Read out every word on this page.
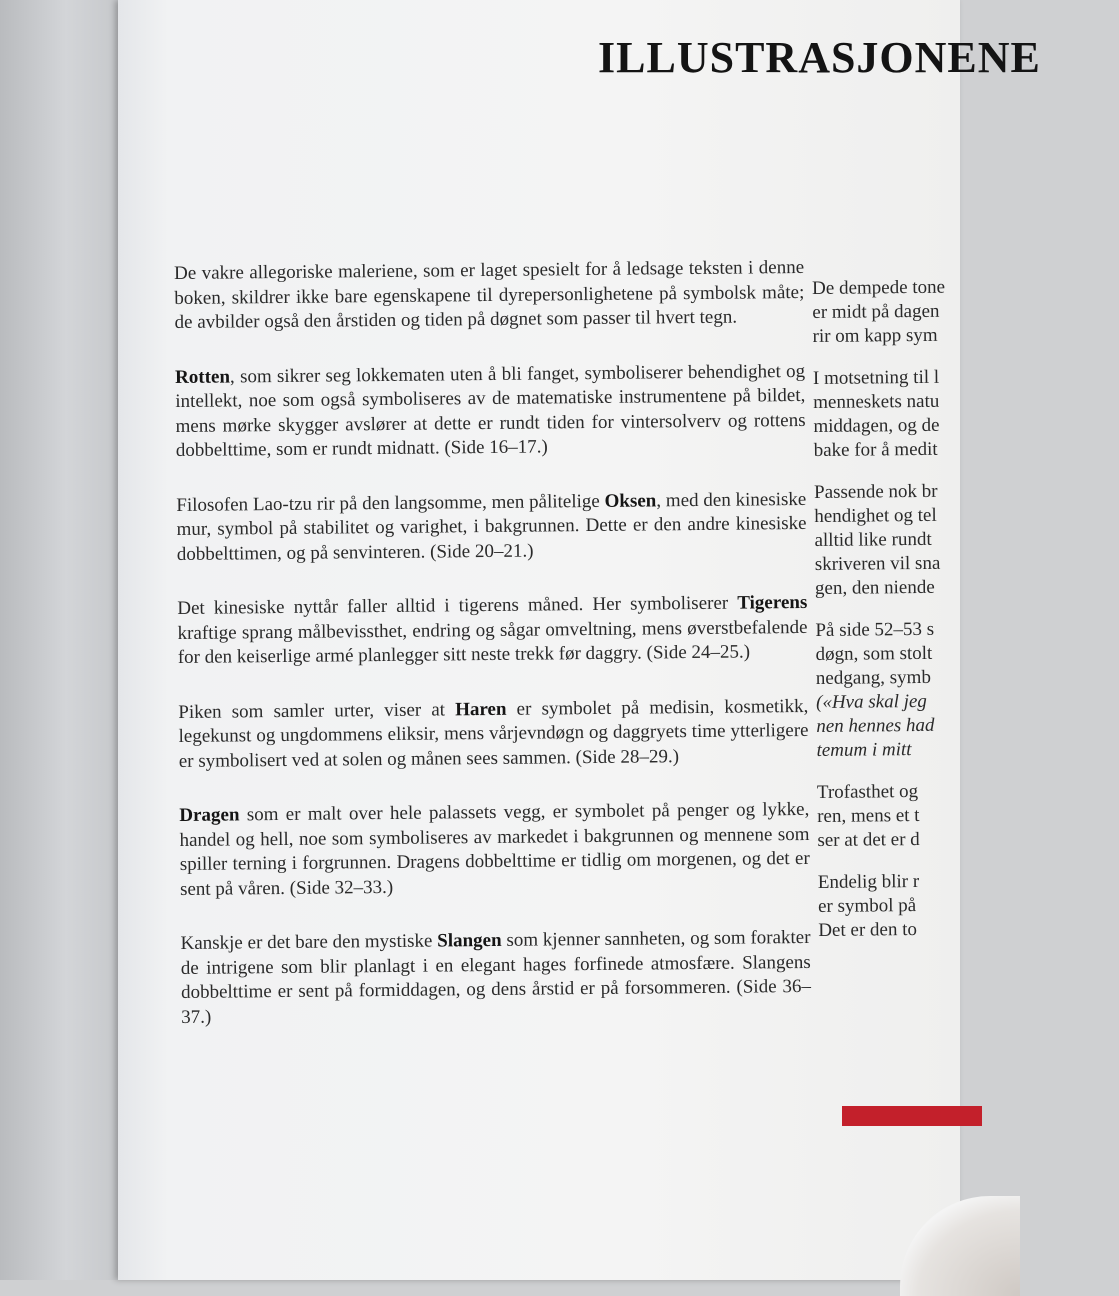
ILLUSTRASJONENE

De vakre allegoriske maleriene, som er laget spesielt for å ledsage teksten i denne boken, skildrer ikke bare egenskapene til dyrepersonlighetene på symbolsk måte; de avbilder også den årstiden og tiden på døgnet som passer til hvert tegn.

Rotten, som sikrer seg lokkematen uten å bli fanget, symboliserer behendighet og intellekt, noe som også symboliseres av de matematiske instrumentene på bildet, mens mørke skygger avslører at dette er rundt tiden for vintersolverv og rottens dobbelttime, som er rundt midnatt. (Side 16–17.)

Filosofen Lao-tzu rir på den langsomme, men pålitelige Oksen, med den kinesiske mur, symbol på stabilitet og varighet, i bakgrunnen. Dette er den andre kinesiske dobbelttimen, og på senvinteren. (Side 20–21.)

Det kinesiske nyttår faller alltid i tigerens måned. Her symboliserer Tigerens kraftige sprang målbevissthet, endring og sågar omveltning, mens øverstbefalende for den keiserlige armé planlegger sitt neste trekk før daggry. (Side 24–25.)

Piken som samler urter, viser at Haren er symbolet på medisin, kosmetikk, legekunst og ungdommens eliksir, mens vårjevndøgn og daggryets time ytterligere er symbolisert ved at solen og månen sees sammen. (Side 28–29.)

Dragen som er malt over hele palassets vegg, er symbolet på penger og lykke, handel og hell, noe som symboliseres av markedet i bakgrunnen og mennene som spiller terning i forgrunnen. Dragens dobbelttime er tidlig om morgenen, og det er sent på våren. (Side 32–33.)

Kanskje er det bare den mystiske Slangen som kjenner sannheten, og som forakter de intrigene som blir planlagt i en elegant hages forfinede atmosfære. Slangens dobbelttime er sent på formiddagen, og dens årstid er på forsommeren. (Side 36–37.)

De dempede tone
er midt på dagen
rir om kapp sym

I motsetning til l
menneskets natu
middagen, og de
bake for å medit

Passende nok br
hendighet og tel
alltid like rundt
skriveren vil sna
gen, den niende

På side 52–53 s
døgn, som stolt
nedgang, symb
(«Hva skal jeg
nen hennes had
temum i mitt

Trofasthet og
ren, mens et t
ser at det er d

Endelig blir r
er symbol på
Det er den to
